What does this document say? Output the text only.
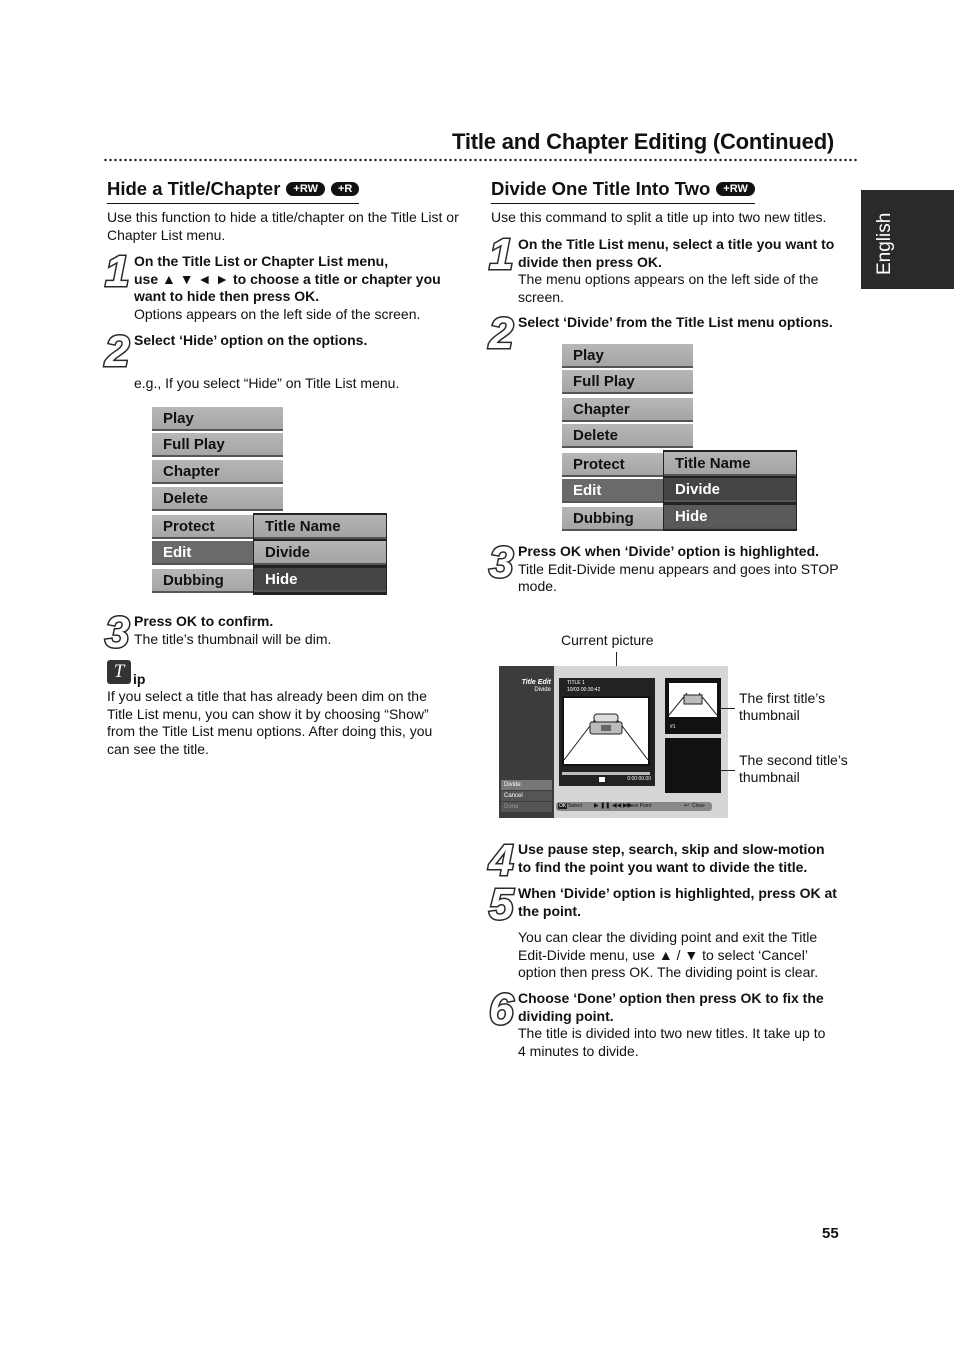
Title and Chapter Editing (Continued)
English
Hide a Title/Chapter +RW +R
Use this function to hide a title/chapter on the Title List or Chapter List menu.
1 On the Title List or Chapter List menu,
use ▲ ▼ ◄ ► to choose a title or chapter you
want to hide then press OK.
Options appears on the left side of the screen.
2 Select ‘Hide’ option on the options.
e.g., If you select “Hide” on Title List menu.
Play
Full Play
Chapter
Delete
Protect
Edit
Dubbing
Title Name
Divide
Hide
3 Press OK to confirm.
The title’s thumbnail will be dim.
T ip
If you select a title that has already been dim on the
Title List menu, you can show it by choosing “Show”
from the Title List menu options. After doing this, you
can see the title.
Divide One Title Into Two +RW
Use this command to split a title up into two new titles.
1 On the Title List menu, select a title you want to
divide then press OK.
The menu options appears on the left side of the
screen.
2 Select ‘Divide’ from the Title List menu options.
Play
Full Play
Chapter
Delete
Protect
Edit
Dubbing
Title Name
Divide
Hide
3 Press OK when ‘Divide’ option is highlighted.
Title Edit-Divide menu appears and goes into STOP
mode.
Current picture
Title Edit
Divide
Divide
Cancel
Done
TITLE 1
10/03 00:30:42
0:00:00.00
#1
OK Select ▶ ❚❚ ◀◀ ▶▶
Move Point	↩ Close
The first title’s
thumbnail
The second title’s
thumbnail
4 Use pause step, search, skip and slow-motion
to find the point you want to divide the title.
5 When ‘Divide’ option is highlighted, press OK at
the point.
You can clear the dividing point and exit the Title
Edit-Divide menu, use ▲ / ▼ to select ‘Cancel’
option then press OK. The dividing point is clear.
6 Choose ‘Done’ option then press OK to fix the
dividing point.
The title is divided into two new titles. It take up to
4 minutes to divide.
55
